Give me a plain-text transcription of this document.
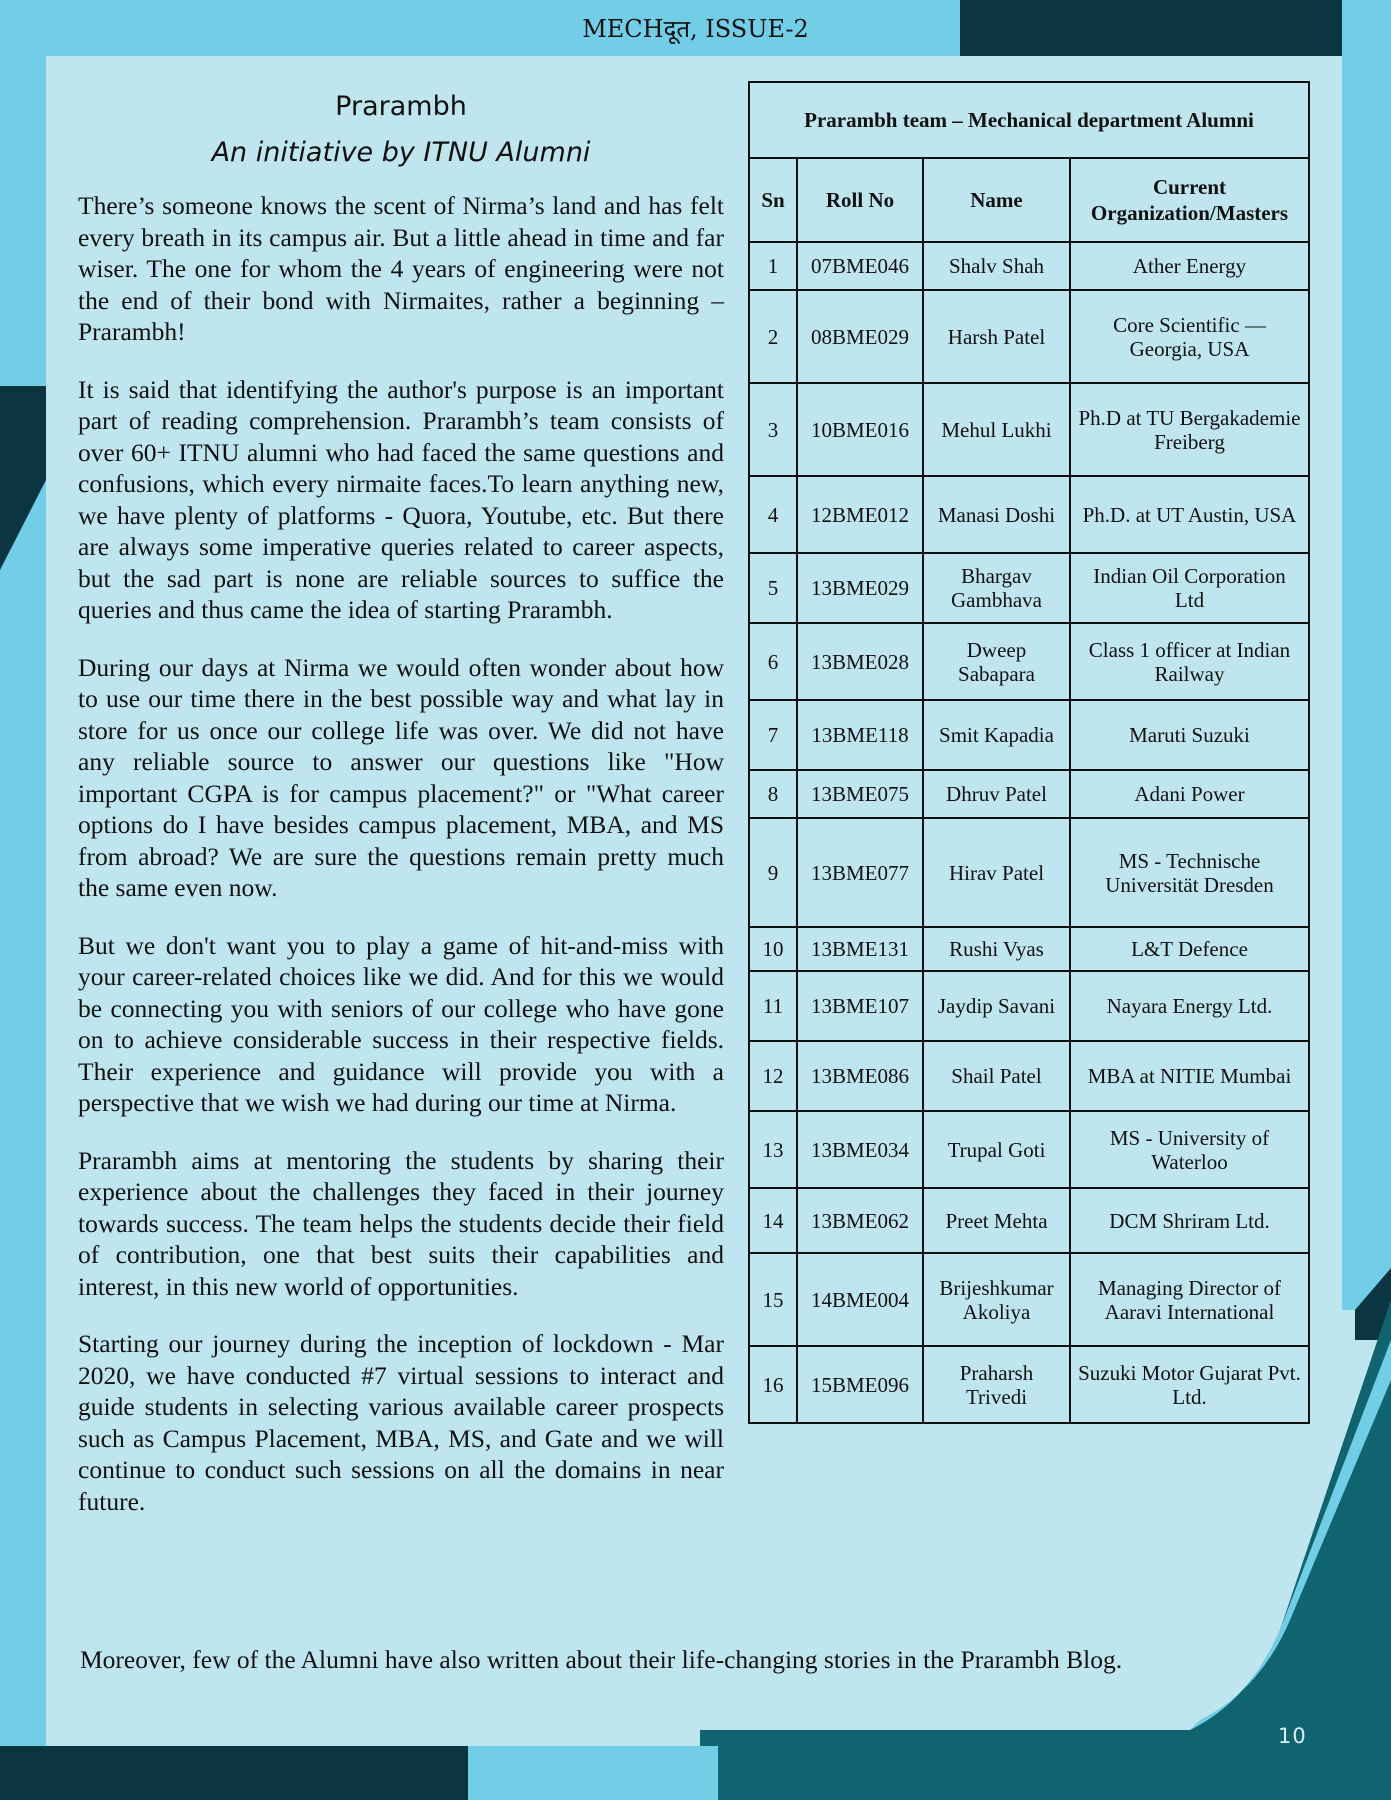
MECHदूत, ISSUE-2

Prarambh

An initiative by ITNU Alumni

There’s someone knows the scent of Nirma’s land and has felt every breath in its campus air. But a little ahead in time and far wiser. The one for whom the 4 years of engineering were not the end of their bond with Nirmaites, rather a beginning – Prarambh!

It is said that identifying the author's purpose is an important part of reading comprehension. Prarambh’s team consists of over 60+ ITNU alumni who had faced the same questions and confusions, which every nirmaite faces.To learn anything new, we have plenty of platforms - Quora, Youtube, etc. But there are always some imperative queries related to career aspects, but the sad part is none are reliable sources to suffice the queries and thus came the idea of starting Prarambh.

During our days at Nirma we would often wonder about how to use our time there in the best possible way and what lay in store for us once our college life was over. We did not have any reliable source to answer our questions like "How important CGPA is for campus placement?" or "What career options do I have besides campus placement, MBA, and MS from abroad? We are sure the questions remain pretty much the same even now.

But we don't want you to play a game of hit-and-miss with your career-related choices like we did. And for this we would be connecting you with seniors of our college who have gone on to achieve considerable success in their respective fields. Their experience and guidance will provide you with a perspective that we wish we had during our time at Nirma.

Prarambh aims at mentoring the students by sharing their experience about the challenges they faced in their journey towards success. The team helps the students decide their field of contribution, one that best suits their capabilities and interest, in this new world of opportunities.

Starting our journey during the inception of lockdown - Mar 2020, we have conducted #7 virtual sessions to interact and guide students in selecting various available career prospects such as Campus Placement, MBA, MS, and Gate and we will continue to conduct such sessions on all the domains in near future.

Prarambh team – Mechanical department Alumni			
Sn	Roll No	Name	Current Organization/Masters
1	07BME046	Shalv Shah	Ather Energy
2	08BME029	Harsh Patel	Core Scientific — Georgia, USA
3	10BME016	Mehul Lukhi	Ph.D at TU Bergakademie Freiberg
4	12BME012	Manasi Doshi	Ph.D. at UT Austin, USA
5	13BME029	Bhargav Gambhava	Indian Oil Corporation Ltd
6	13BME028	Dweep Sabapara	Class 1 officer at Indian Railway
7	13BME118	Smit Kapadia	Maruti Suzuki
8	13BME075	Dhruv Patel	Adani Power
9	13BME077	Hirav Patel	MS - Technische Universität Dresden
10	13BME131	Rushi Vyas	L&T Defence
11	13BME107	Jaydip Savani	Nayara Energy Ltd.
12	13BME086	Shail Patel	MBA at NITIE Mumbai
13	13BME034	Trupal Goti	MS - University of Waterloo
14	13BME062	Preet Mehta	DCM Shriram Ltd.
15	14BME004	Brijeshkumar Akoliya	Managing Director of Aaravi International
16	15BME096	Praharsh Trivedi	Suzuki Motor Gujarat Pvt. Ltd.
Moreover, few of the Alumni have also written about their life-changing stories in the Prarambh Blog.
10
